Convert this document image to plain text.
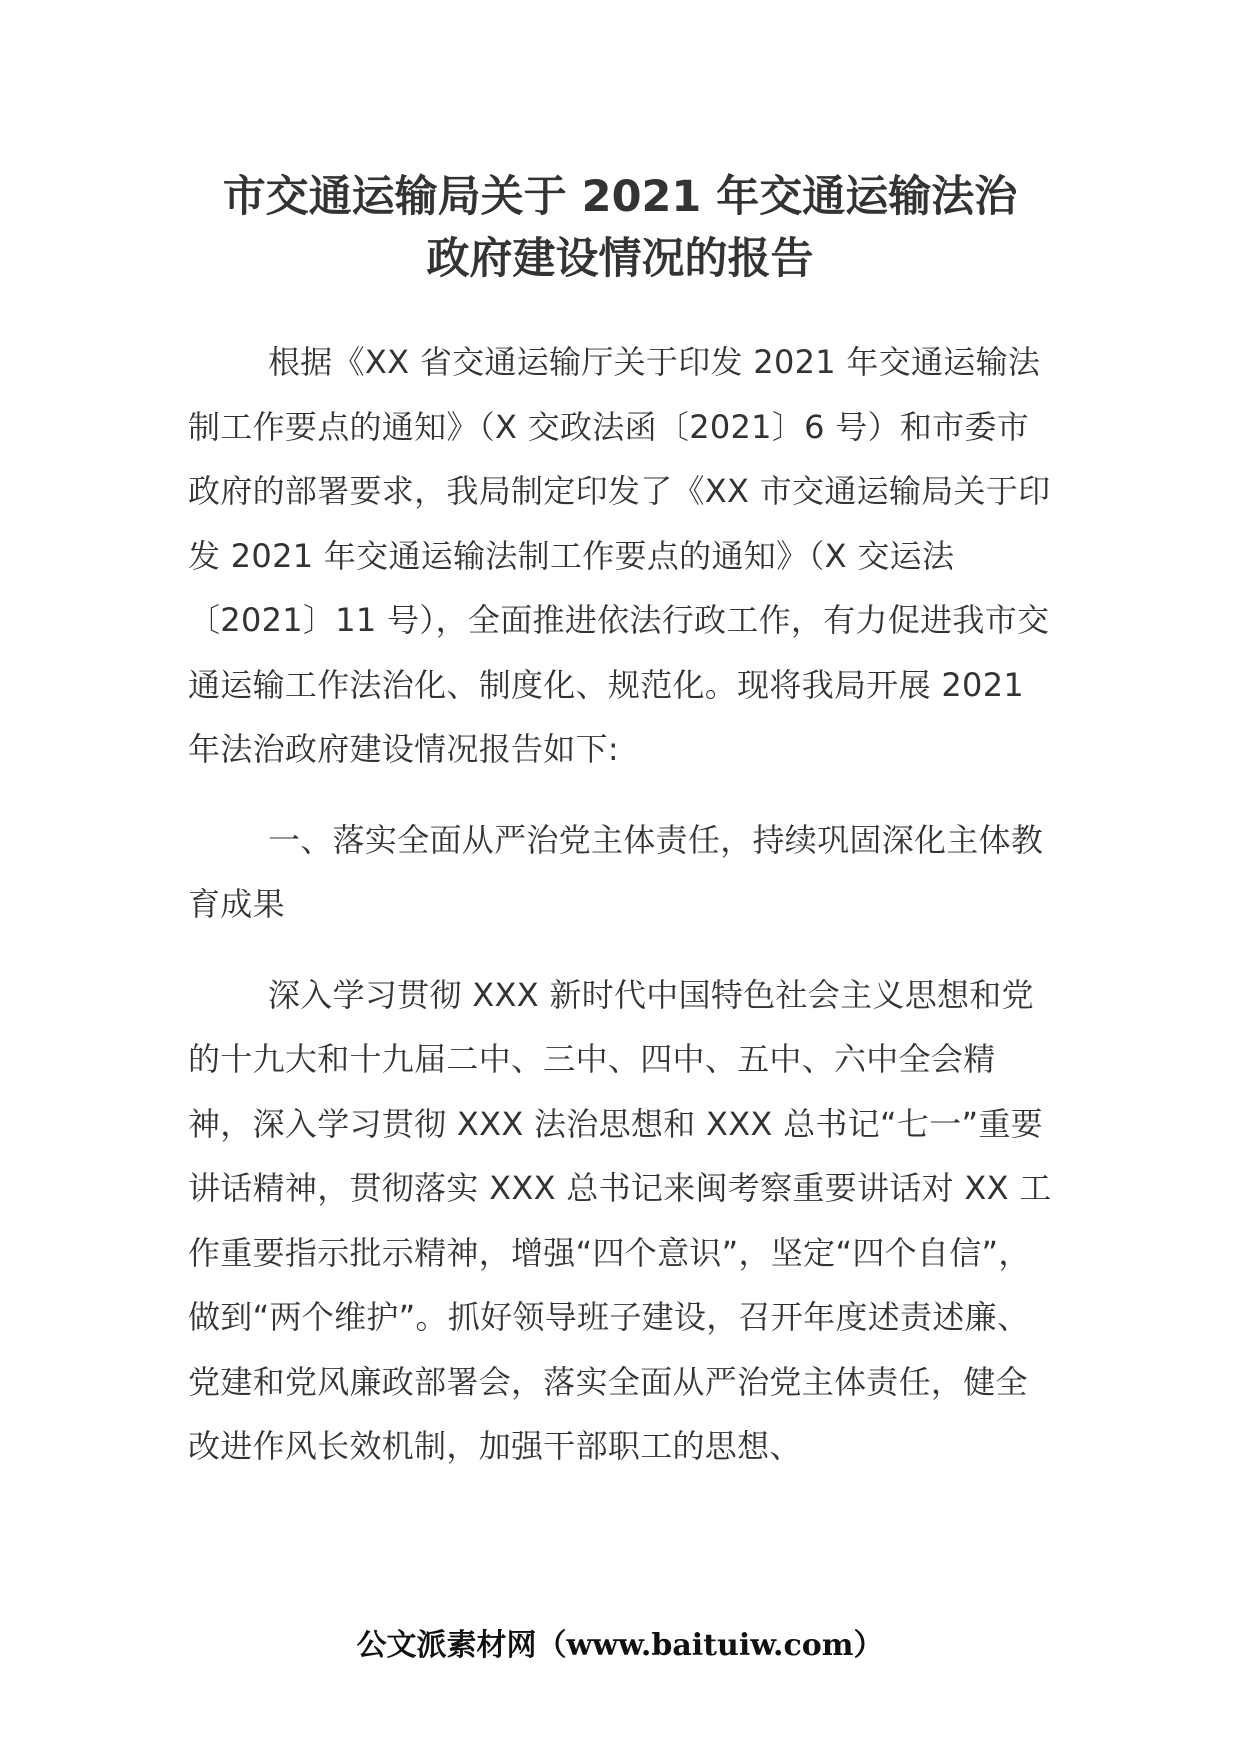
市交通运输局关于 2021 年交通运输法治
政府建设情况的报告

根据《XX 省交通运输厅关于印发 2021 年交通运输法制工作要点的通知》（X 交政法函〔2021〕6 号）和市委市政府的部署要求，我局制定印发了《XX 市交通运输局关于印发 2021 年交通运输法制工作要点的通知》（X 交运法〔2021〕11 号），全面推进依法行政工作，有力促进我市交通运输工作法治化、制度化、规范化。现将我局开展 2021 年法治政府建设情况报告如下:

一、落实全面从严治党主体责任，持续巩固深化主体教育成果

深入学习贯彻 XXX 新时代中国特色社会主义思想和党的十九大和十九届二中、三中、四中、五中、六中全会精神，深入学习贯彻 XXX 法治思想和 XXX 总书记“七一”重要讲话精神，贯彻落实 XXX 总书记来闽考察重要讲话对 XX 工作重要指示批示精神，增强“四个意识”，坚定“四个自信”，做到“两个维护”。抓好领导班子建设，召开年度述责述廉、党建和党风廉政部署会，落实全面从严治党主体责任，健全改进作风长效机制，加强干部职工的思想、

公文派素材网（www.baituiw.com）
